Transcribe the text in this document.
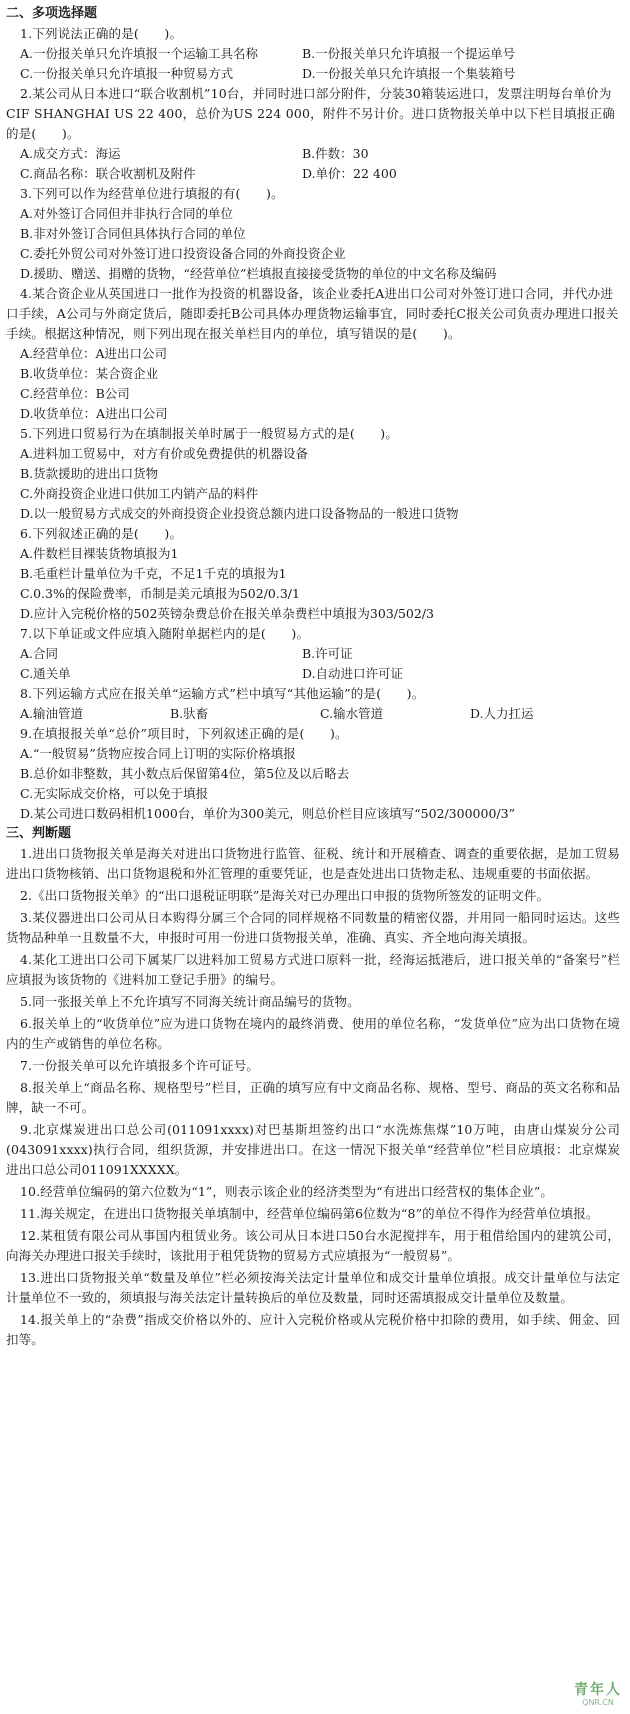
二、多项选择题

1.下列说法正确的是(　　)。

A.一份报关单只允许填报一个运输工具名称	B.一份报关单只允许填报一个提运单号
C.一份报关单只允许填报一种贸易方式	D.一份报关单只允许填报一个集装箱号

2.某公司从日本进口“联合收割机”10台，并同时进口部分附件，分装30箱装运进口，发票注明每台单价为CIF SHANGHAI US 22 400，总价为US 224 000，附件不另计价。进口货物报关单中以下栏目填报正确的是(　　)。

A.成交方式：海运	B.件数：30
C.商品名称：联合收割机及附件	D.单价：22 400

3.下列可以作为经营单位进行填报的有(　　)。

A.对外签订合同但并非执行合同的单位

B.非对外签订合同但具体执行合同的单位

C.委托外贸公司对外签订进口投资设备合同的外商投资企业

D.援助、赠送、捐赠的货物，“经营单位”栏填报直接接受货物的单位的中文名称及编码

4.某合资企业从英国进口一批作为投资的机器设备，该企业委托A进出口公司对外签订进口合同，并代办进口手续，A公司与外商定货后，随即委托B公司具体办理货物运输事宜，同时委托C报关公司负责办理进口报关手续。根据这种情况，则下列出现在报关单栏目内的单位，填写错误的是(　　)。

A.经营单位：A进出口公司

B.收货单位：某合资企业

C.经营单位：B公司

D.收货单位：A进出口公司

5.下列进口贸易行为在填制报关单时属于一般贸易方式的是(　　)。

A.进料加工贸易中，对方有价或免费提供的机器设备

B.货款援助的进出口货物

C.外商投资企业进口供加工内销产品的料件

D.以一般贸易方式成交的外商投资企业投资总额内进口设备物品的一般进口货物

6.下列叙述正确的是(　　)。

A.件数栏目裸装货物填报为1

B.毛重栏计量单位为千克，不足1千克的填报为1

C.0.3%的保险费率，币制是美元填报为502/0.3/1

D.应计入完税价格的502英镑杂费总价在报关单杂费栏中填报为303/502/3

7.以下单证或文件应填入随附单据栏内的是(　　)。

A.合同	B.许可证
C.通关单	D.自动进口许可证

8.下列运输方式应在报关单“运输方式”栏中填写“其他运输”的是(　　)。

A.输油管道	B.驮畜	C.输水管道	D.人力扛运

9.在填报报关单“总价”项目时，下列叙述正确的是(　　)。

A.“一般贸易”货物应按合同上订明的实际价格填报

B.总价如非整数，其小数点后保留第4位，第5位及以后略去

C.无实际成交价格，可以免于填报

D.某公司进口数码相机1000台，单价为300美元，则总价栏目应该填写“502/300000/3”

三、判断题

1.进出口货物报关单是海关对进出口货物进行监管、征税、统计和开展稽查、调查的重要依据，是加工贸易进出口货物核销、出口货物退税和外汇管理的重要凭证，也是查处进出口货物走私、违规重要的书面依据。

2.《出口货物报关单》的“出口退税证明联”是海关对已办理出口申报的货物所签发的证明文件。

3.某仪器进出口公司从日本购得分属三个合同的同样规格不同数量的精密仪器，并用同一船同时运达。这些货物品种单一且数量不大，申报时可用一份进口货物报关单，准确、真实、齐全地向海关填报。

4.某化工进出口公司下属某厂以进料加工贸易方式进口原料一批，经海运抵港后，进口报关单的“备案号”栏应填报为该货物的《进料加工登记手册》的编号。

5.同一张报关单上不允许填写不同海关统计商品编号的货物。

6.报关单上的“收货单位”应为进口货物在境内的最终消费、使用的单位名称，“发货单位”应为出口货物在境内的生产或销售的单位名称。

7.一份报关单可以允许填报多个许可证号。

8.报关单上“商品名称、规格型号”栏目，正确的填写应有中文商品名称、规格、型号、商品的英文名称和品牌，缺一不可。

9.北京煤炭进出口总公司(011091xxxx)对巴基斯坦签约出口“水洗炼焦煤”10万吨，由唐山煤炭分公司(043091xxxx)执行合同，组织货源，并安排进出口。在这一情况下报关单“经营单位”栏目应填报：北京煤炭进出口总公司011091XXXXX。

10.经营单位编码的第六位数为“1”，则表示该企业的经济类型为“有进出口经营权的集体企业”。

11.海关规定，在进出口货物报关单填制中，经营单位编码第6位数为“8”的单位不得作为经营单位填报。

12.某租赁有限公司从事国内租赁业务。该公司从日本进口50台水泥搅拌车，用于租借给国内的建筑公司，向海关办理进口报关手续时，该批用于租凭货物的贸易方式应填报为“一般贸易”。

13.进出口货物报关单“数量及单位”栏必须按海关法定计量单位和成交计量单位填报。成交计量单位与法定计量单位不一致的，须填报与海关法定计量转换后的单位及数量，同时还需填报成交计量单位及数量。

14.报关单上的“杂费”指成交价格以外的、应计入完税价格或从完税价格中扣除的费用，如手续、佣金、回扣等。

青年人
QNR.CN
